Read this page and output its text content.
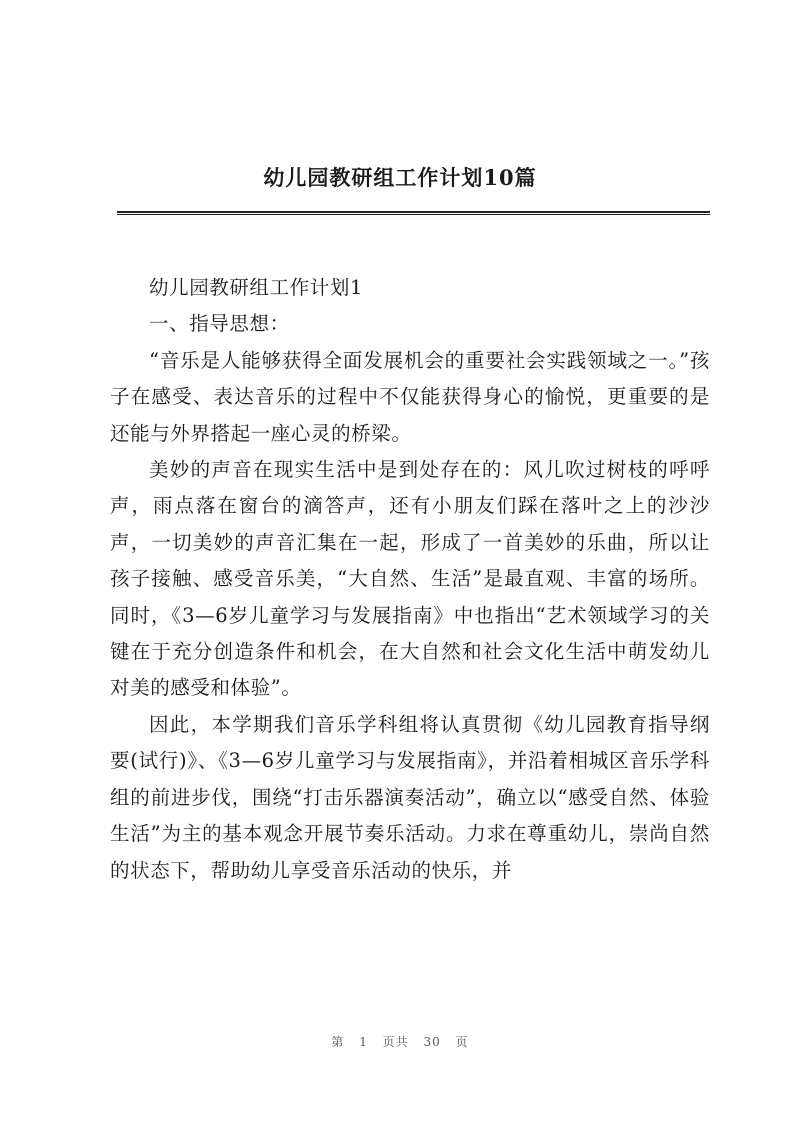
幼儿园教研组工作计划10篇

幼儿园教研组工作计划1

一、指导思想：

“音乐是人能够获得全面发展机会的重要社会实践领域之一。”孩子在感受、表达音乐的过程中不仅能获得身心的愉悦，更重要的是还能与外界搭起一座心灵的桥梁。

美妙的声音在现实生活中是到处存在的：风儿吹过树枝的呼呼声，雨点落在窗台的滴答声，还有小朋友们踩在落叶之上的沙沙声，一切美妙的声音汇集在一起，形成了一首美妙的乐曲，所以让孩子接触、感受音乐美，“大自然、生活”是最直观、丰富的场所。同时，《3—6岁儿童学习与发展指南》中也指出“艺术领域学习的关键在于充分创造条件和机会，在大自然和社会文化生活中萌发幼儿对美的感受和体验”。

因此，本学期我们音乐学科组将认真贯彻《幼儿园教育指导纲要(试行)》、《3—6岁儿童学习与发展指南》，并沿着相城区音乐学科组的前进步伐，围绕“打击乐器演奏活动”，确立以“感受自然、体验生活”为主的基本观念开展节奏乐活动。力求在尊重幼儿，崇尚自然的状态下，帮助幼儿享受音乐活动的快乐，并

第 1 页共 30 页
